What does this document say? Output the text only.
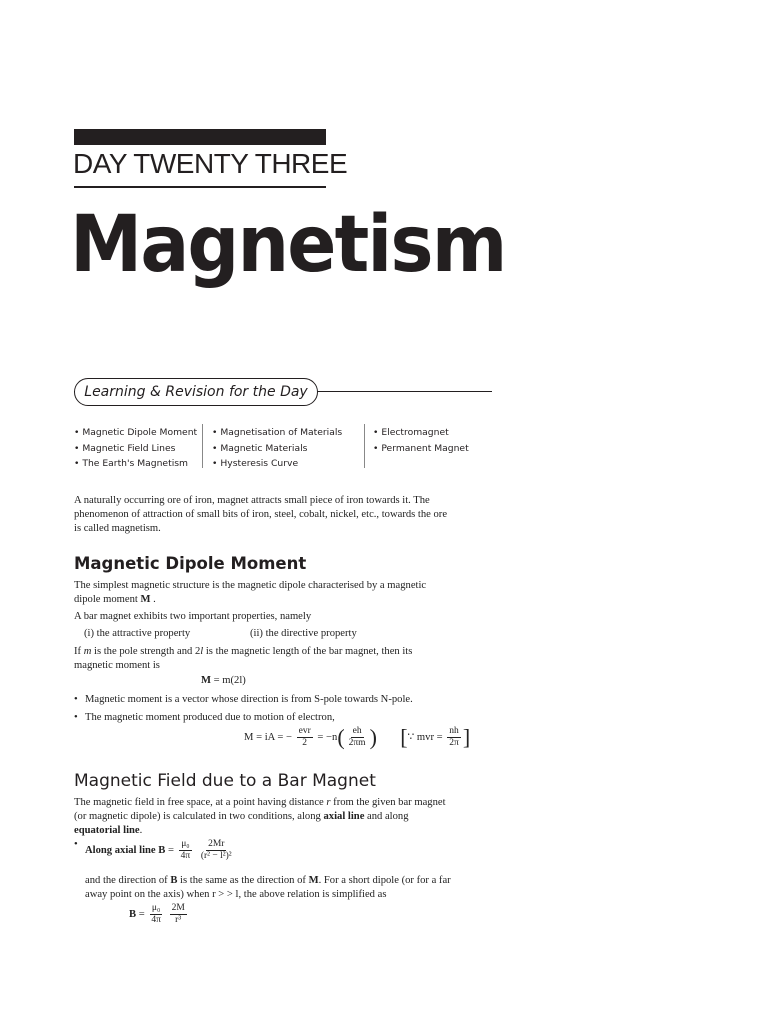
DAY TWENTY THREE
Magnetism
Learning & Revision for the Day
• Magnetic Dipole Moment
• Magnetic Field Lines
• The Earth's Magnetism
• Magnetisation of Materials
• Magnetic Materials
• Hysteresis Curve
• Electromagnet
• Permanent Magnet
A naturally occurring ore of iron, magnet attracts small piece of iron towards it. The
phenomenon of attraction of small bits of iron, steel, cobalt, nickel, etc., towards the ore
is called magnetism.
Magnetic Dipole Moment
The simplest magnetic structure is the magnetic dipole characterised by a magnetic
dipole moment M .
A bar magnet exhibits two important properties, namely
(i) the attractive property	(ii) the directive property
If m is the pole strength and 2l is the magnetic length of the bar magnet, then its
magnetic moment is
M = m(2l)
• Magnetic moment is a vector whose direction is from S-pole towards N-pole.
• The magnetic moment produced due to motion of electron,
M = iA = − $\frac{\text{evr}}{2} = -n( \frac{eh}{2\pi m}$ ) [∵ mvr = $\frac{nh}{2\pi}$ ]
Magnetic Field due to a Bar Magnet
The magnetic field in free space, at a point having distance r from the given bar magnet
(or magnetic dipole) is calculated in two conditions, along axial line and along
equatorial line.
Along axial line $B = \frac{\text{μ₀}}{4\pi}$
$\frac{2Mr}{\text{(r² − l²)²}}$
and the direction of B is the same as the direction of M. For a short dipole (or for a far
away point on the axis) when r > > l, the above relation is simplified as
$B = \frac{\text{μ₀}}{4\pi}$
$\frac{2M}{\text{r³}}$
